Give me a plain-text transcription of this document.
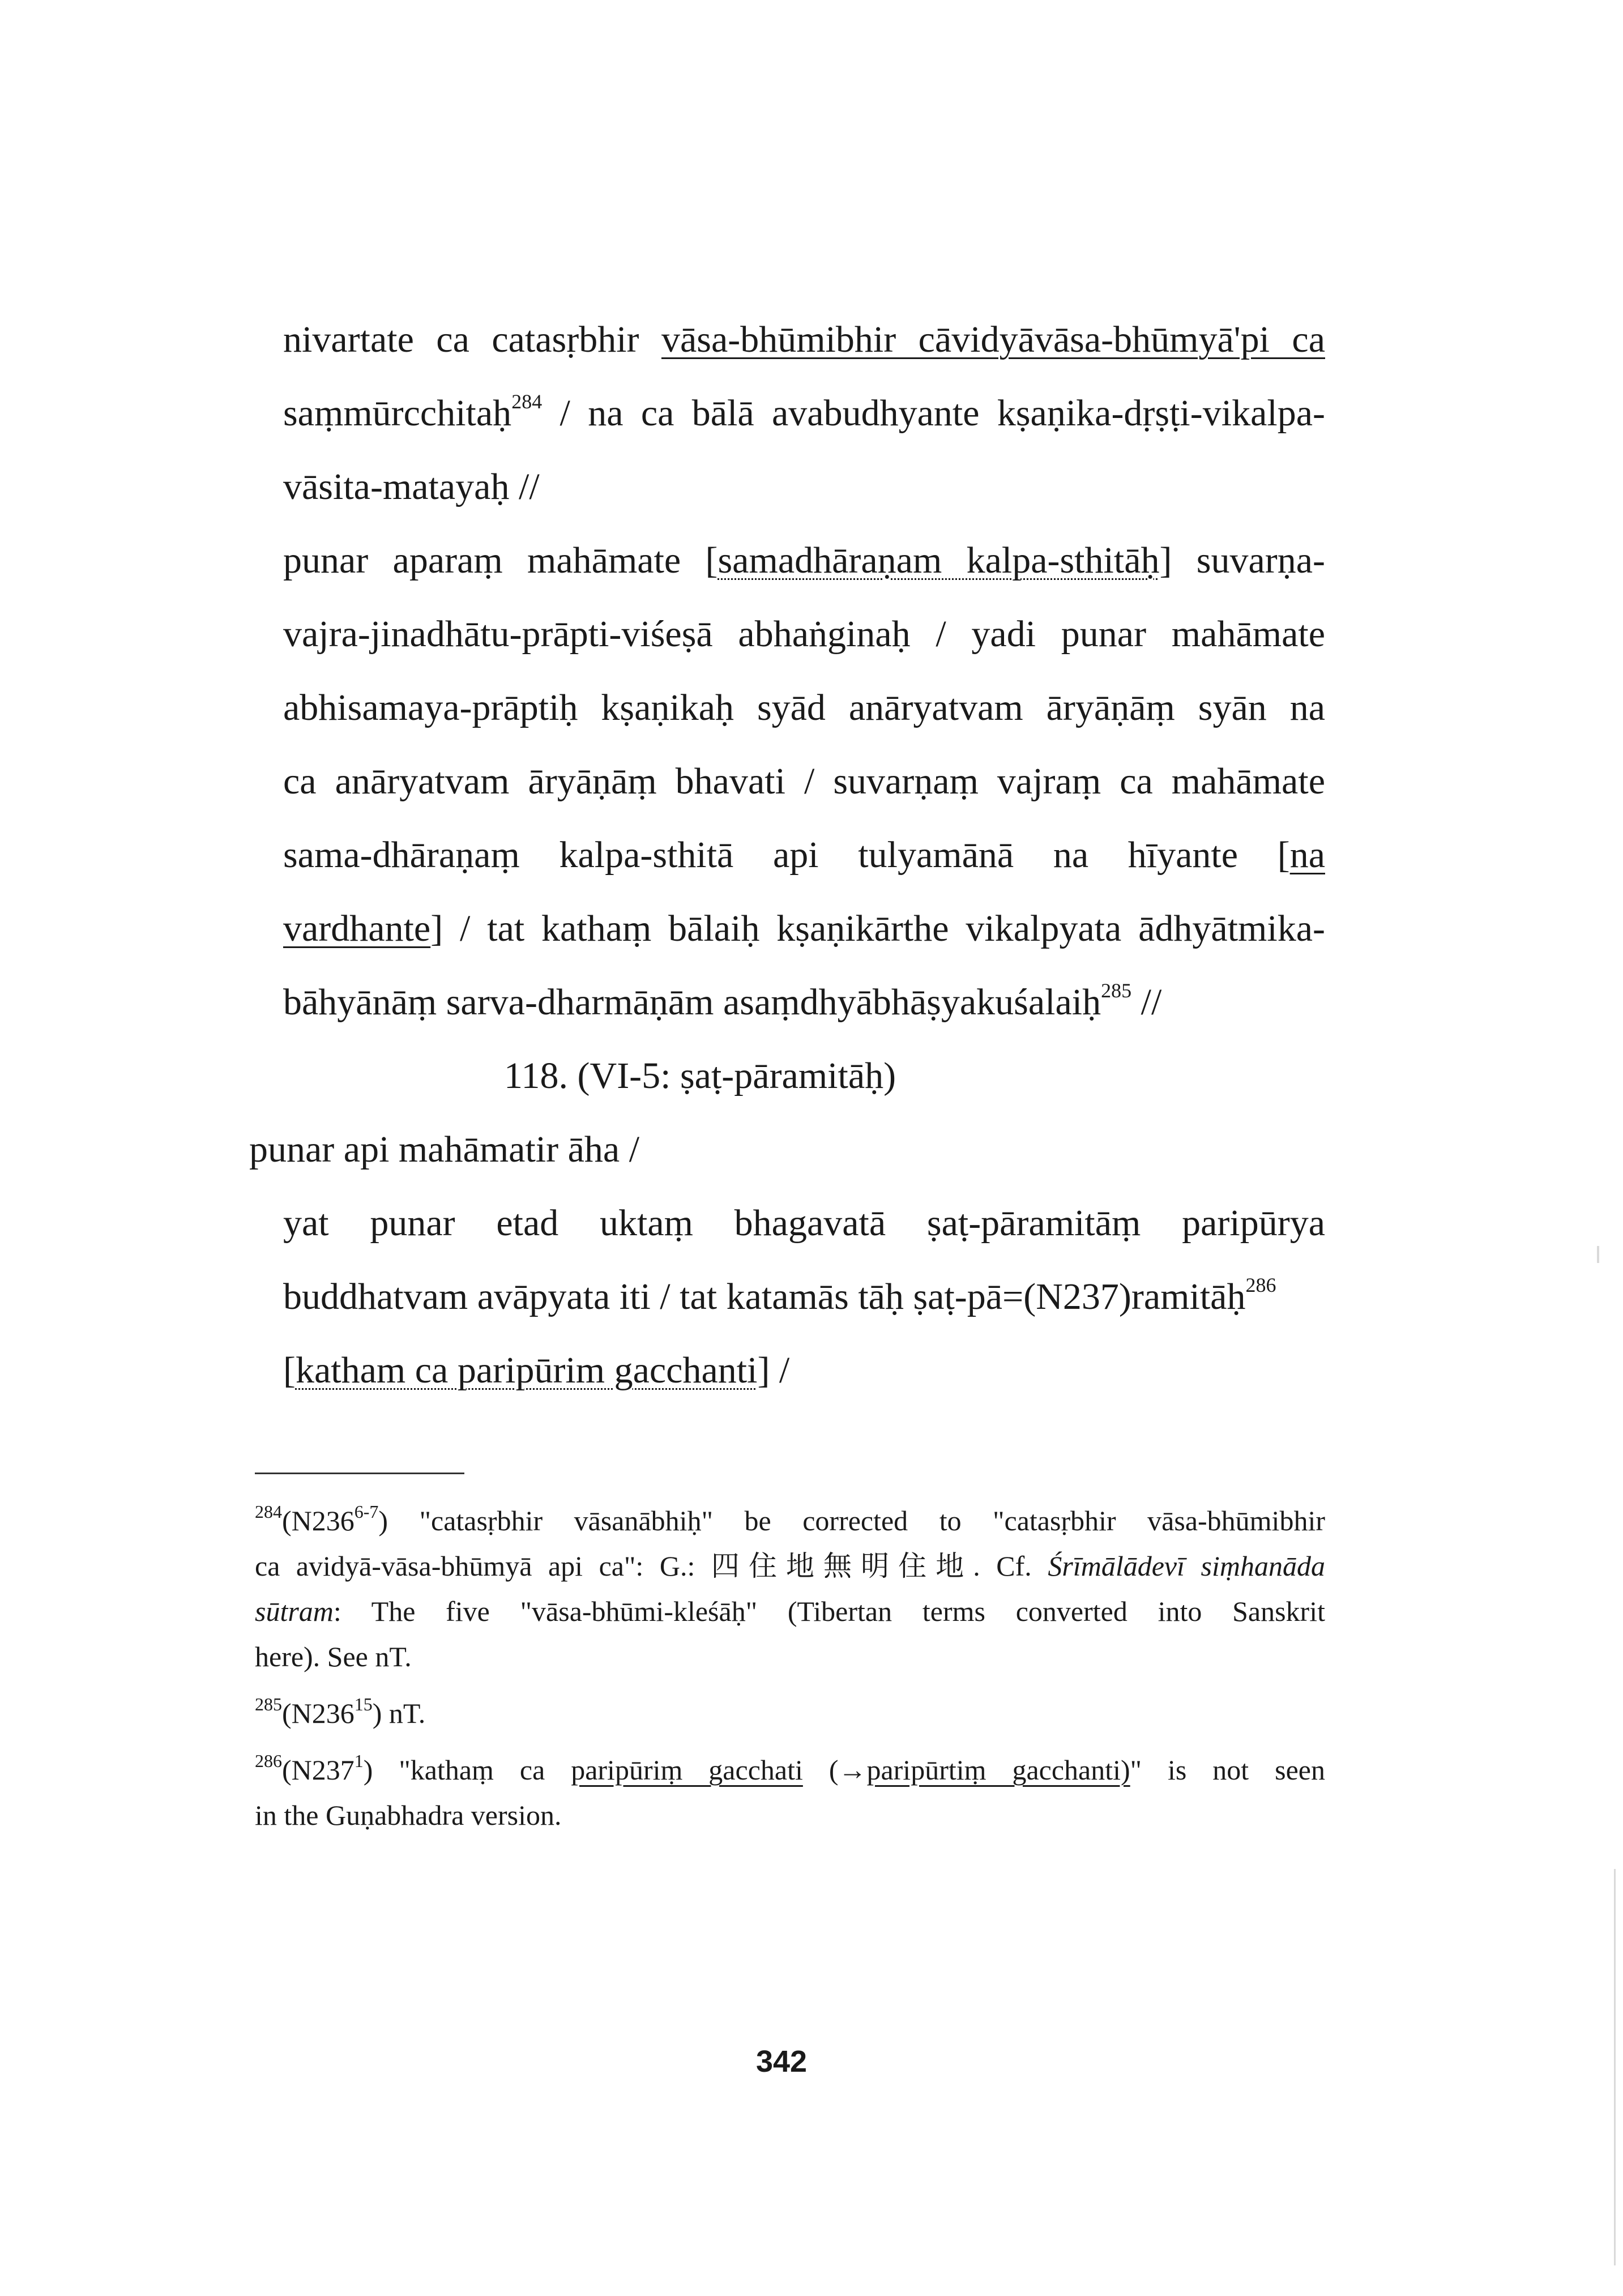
nivartate ca catasṛbhir vāsa-bhūmibhir cāvidyāvāsa-bhūmyā'pi ca
saṃmūrcchitaḥ$^{284}$ / na ca bālā avabudhyante kṣaṇika-dṛṣṭi-vikalpa-
vāsita-matayaḥ //
punar aparaṃ mahāmate [samadhāraṇam kalpa-sthitāḥ] suvarṇa-
vajra-jinadhātu-prāpti-viśeṣā abhaṅginaḥ / yadi punar mahāmate
abhisamaya-prāptiḥ kṣaṇikaḥ syād anāryatvam āryāṇāṃ syān na
ca anāryatvam āryāṇāṃ bhavati / suvarṇaṃ vajraṃ ca mahāmate
sama-dhāraṇaṃ kalpa-sthitā api tulyamānā na hīyante [na
vardhante] / tat kathaṃ bālaiḥ kṣaṇikārthe vikalpyata ādhyātmika-
bāhyānāṃ sarva-dharmāṇām asaṃdhyābhāṣyakuśalaiḥ$^{285}$ //
118. (VI-5: ṣaṭ-pāramitāḥ)
punar api mahāmatir āha /
yat punar etad uktaṃ bhagavatā ṣaṭ-pāramitāṃ paripūrya
buddhatvam avāpyata iti / tat katamās tāḥ ṣaṭ-pā=(N237)ramitāḥ$^{286}$
[katham ca paripūrim gacchanti] /
$^{284}$(N236$^{6-7}$) "catasṛbhir vāsanābhiḥ" be corrected to "catasṛbhir vāsa-bhūmibhir
ca avidyā-vāsa-bhūmyā api ca": G.: 四住地無明住地. Cf. Śrīmālādevī siṃhanāda
sūtram: The five "vāsa-bhūmi-kleśāḥ" (Tibertan terms converted into Sanskrit
here). See nT.
$^{285}(N236^{15})$ nT.
$^{286}(N237^1)$ "kathaṃ ca paripūriṃ gacchati (→paripūrtiṃ gacchanti)" is not seen
in the Guṇabhadra version.
342
